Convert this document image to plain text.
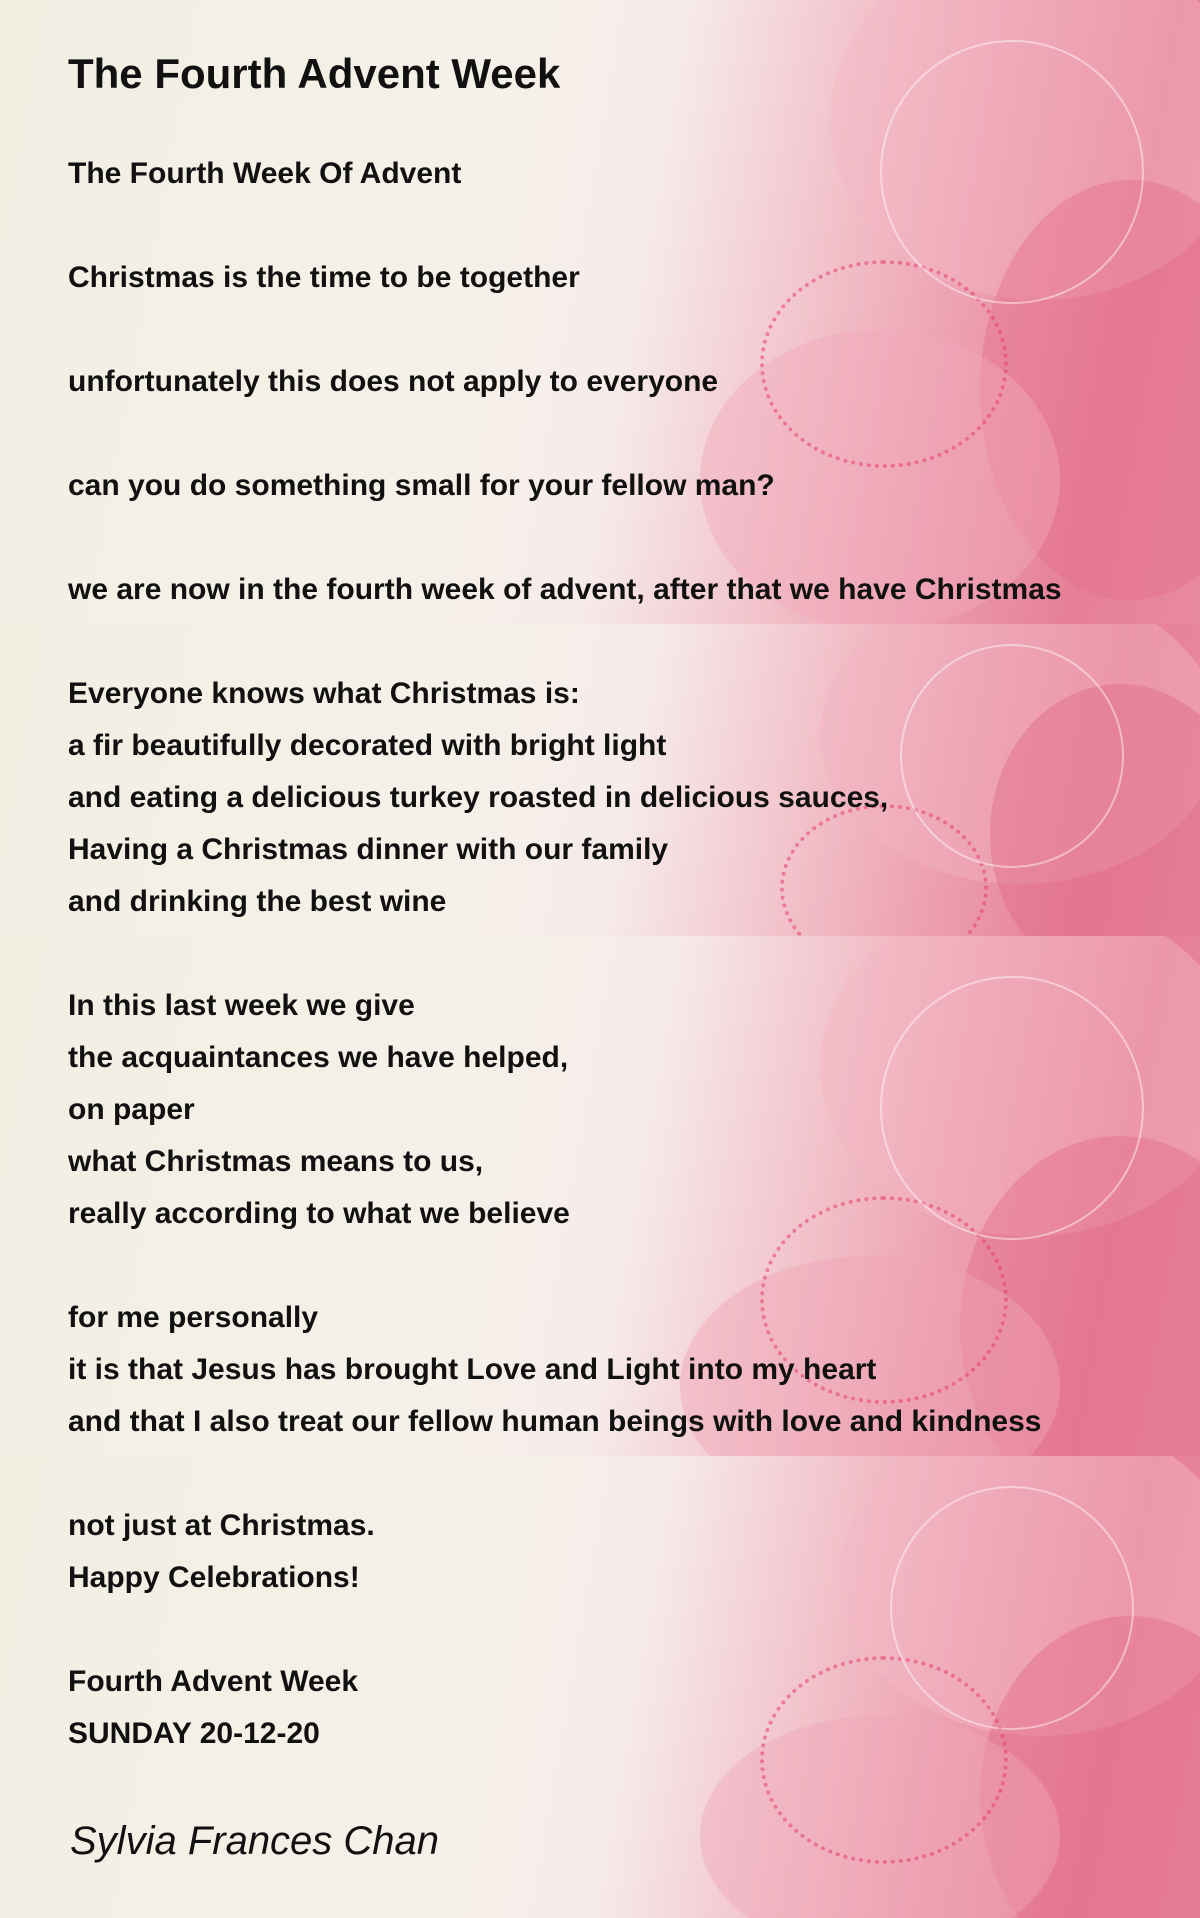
The Fourth Advent Week
The Fourth Week Of Advent
Christmas is the time to be together
unfortunately this does not apply to everyone
can you do something small for your fellow man?
we are now in the fourth week of advent, after that we have Christmas
Everyone knows what Christmas is:
a fir beautifully decorated with bright light
and eating a delicious turkey roasted in delicious sauces,
Having a Christmas dinner with our family
and drinking the best wine
In this last week we give
the acquaintances we have helped,
on paper
what Christmas means to us,
really according to what we believe
for me personally
it is that Jesus has brought Love and Light into my heart
and that I also treat our fellow human beings with love and kindness
not just at Christmas.
Happy Celebrations!
Fourth Advent Week
SUNDAY 20-12-20
Sylvia Frances Chan
